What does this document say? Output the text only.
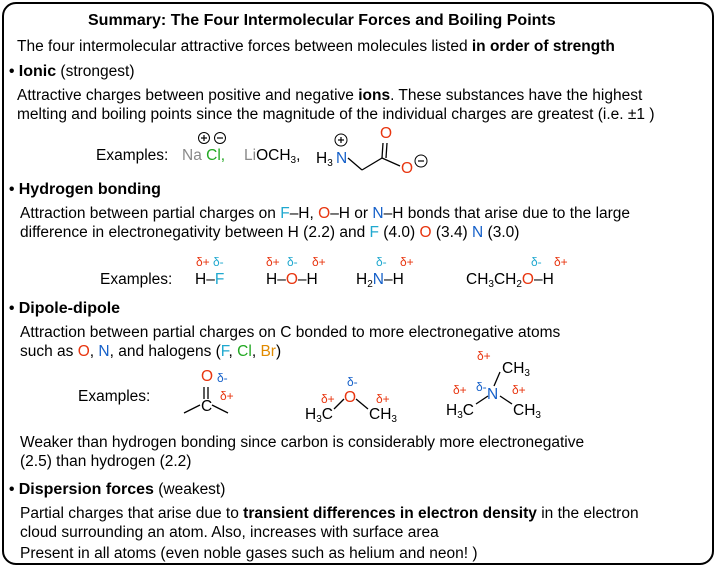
Summary: The Four Intermolecular Forces and Boiling Points
The four intermolecular attractive forces between molecules listed in order of strength
• Ionic (strongest)
Attractive charges between positive and negative ions. These substances have the highest
melting and boiling points since the magnitude of the individual charges are greatest (i.e. ±1 )
Examples: Na Cl, LiOCH$_3$, $H_3$ N
O
O
• Hydrogen bonding
Attraction between partial charges on F–H, O–H or N–H bonds that arise due to the large
difference in electronegativity between H (2.2) and F (4.0) O (3.4) N (3.0)
Examples:
δ+ δ-
H–F
δ+ δ- δ+
H–O–H
δ- δ+
$H_2N-H$
δ- δ+
$CH_3CH_2O-H$
• Dipole-dipole
Attraction between partial charges on C bonded to more electronegative atoms
such as O, N, and halogens (F, Cl, Br)
Examples:
O δ-
δ+
C
δ-
O
δ+	δ+
$H_3C$ $CH_3$
δ+
$CH_3$
δ+ δ- N δ+
$H_3C$	$CH_3$
Weaker than hydrogen bonding since carbon is considerably more electronegative
(2.5) than hydrogen (2.2)
• Dispersion forces (weakest)
Partial charges that arise due to transient differences in electron density in the electron
cloud surrounding an atom. Also, increases with surface area
Present in all atoms (even noble gases such as helium and neon! )
